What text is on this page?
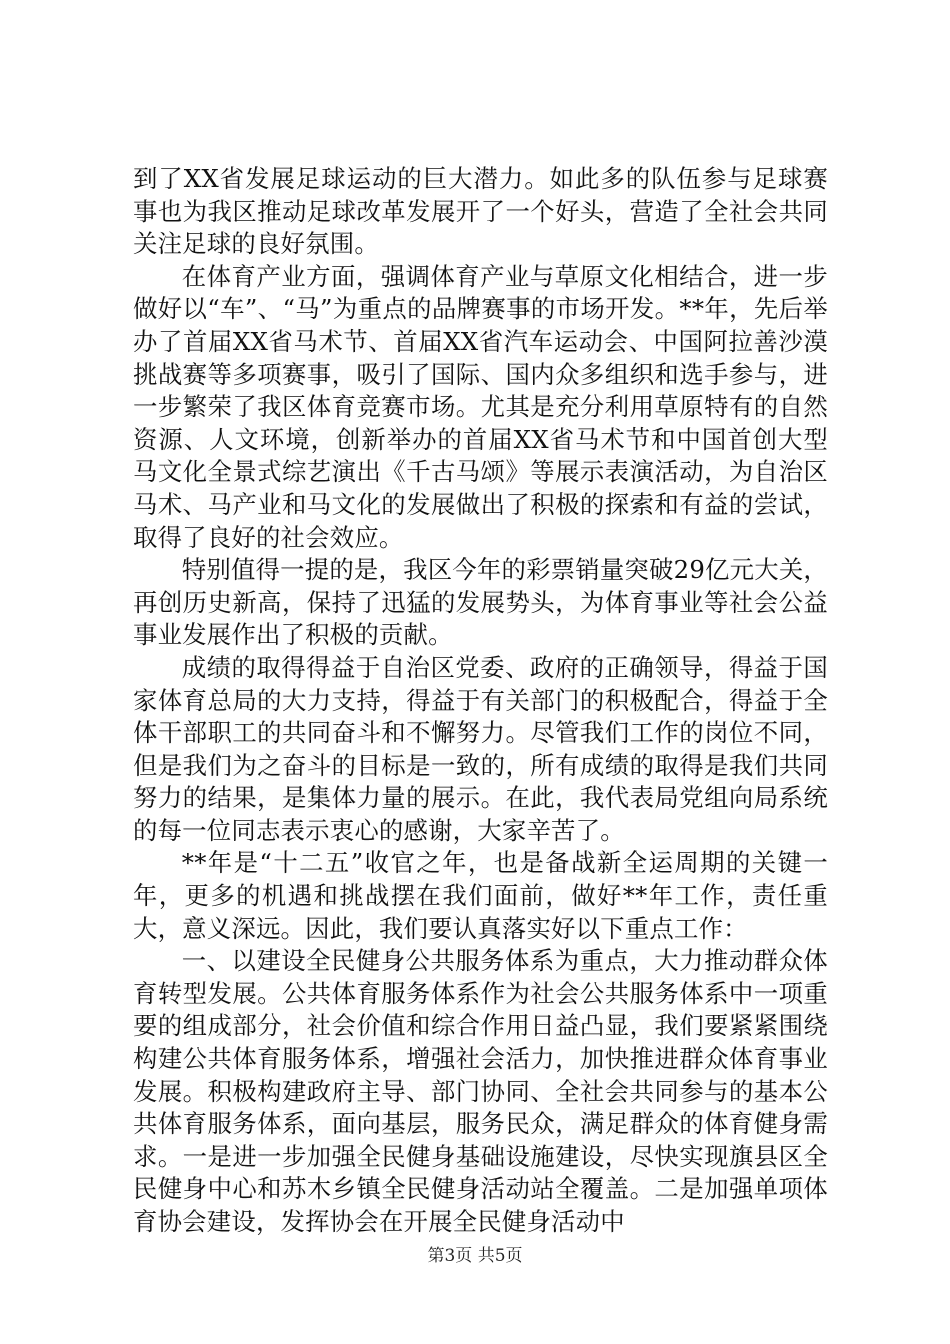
到了XX省发展足球运动的巨大潜力。如此多的队伍参与足球赛事也为我区推动足球改革发展开了一个好头，营造了全社会共同关注足球的良好氛围。

在体育产业方面，强调体育产业与草原文化相结合，进一步做好以“车”、“马”为重点的品牌赛事的市场开发。**年，先后举办了首届XX省马术节、首届XX省汽车运动会、中国阿拉善沙漠挑战赛等多项赛事，吸引了国际、国内众多组织和选手参与，进一步繁荣了我区体育竞赛市场。尤其是充分利用草原特有的自然资源、人文环境，创新举办的首届XX省马术节和中国首创大型马文化全景式综艺演出《千古马颂》等展示表演活动，为自治区马术、马产业和马文化的发展做出了积极的探索和有益的尝试，取得了良好的社会效应。

特别值得一提的是，我区今年的彩票销量突破29亿元大关，再创历史新高，保持了迅猛的发展势头，为体育事业等社会公益事业发展作出了积极的贡献。

成绩的取得得益于自治区党委、政府的正确领导，得益于国家体育总局的大力支持，得益于有关部门的积极配合，得益于全体干部职工的共同奋斗和不懈努力。尽管我们工作的岗位不同，但是我们为之奋斗的目标是一致的，所有成绩的取得是我们共同努力的结果，是集体力量的展示。在此，我代表局党组向局系统的每一位同志表示衷心的感谢，大家辛苦了。

**年是“十二五”收官之年，也是备战新全运周期的关键一年，更多的机遇和挑战摆在我们面前，做好**年工作，责任重大，意义深远。因此，我们要认真落实好以下重点工作：

一、以建设全民健身公共服务体系为重点，大力推动群众体育转型发展。公共体育服务体系作为社会公共服务体系中一项重要的组成部分，社会价值和综合作用日益凸显，我们要紧紧围绕构建公共体育服务体系，增强社会活力，加快推进群众体育事业发展。积极构建政府主导、部门协同、全社会共同参与的基本公共体育服务体系，面向基层，服务民众，满足群众的体育健身需求。一是进一步加强全民健身基础设施建设，尽快实现旗县区全民健身中心和苏木乡镇全民健身活动站全覆盖。二是加强单项体育协会建设，发挥协会在开展全民健身活动中

第3页 共5页
